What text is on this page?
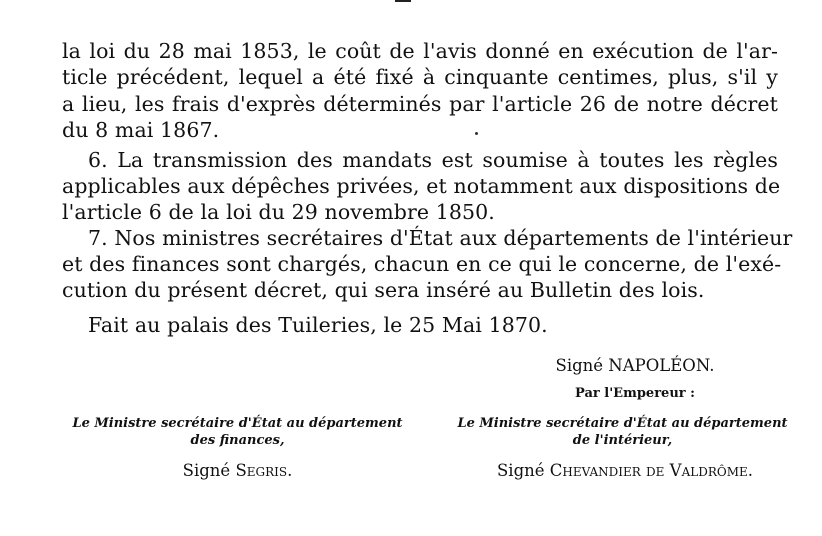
la loi du 28 mai 1853, le coût de l'avis donné en exécution de l'ar-
ticle précédent, lequel a été fixé à cinquante centimes, plus, s'il y
a lieu, les frais d'exprès déterminés par l'article 26 de notre décret
du 8 mai 1867.
6. La transmission des mandats est soumise à toutes les règles
applicables aux dépêches privées, et notamment aux dispositions de
l'article 6 de la loi du 29 novembre 1850.
7. Nos ministres secrétaires d'État aux départements de l'intérieur
et des finances sont chargés, chacun en ce qui le concerne, de l'exé-
cution du présent décret, qui sera inséré au Bulletin des lois.
Fait au palais des Tuileries, le 25 Mai 1870.
Signé NAPOLÉON.
Par l'Empereur :
Le Ministre secrétaire d'État au département
des finances,
Le Ministre secrétaire d'État au département
de l'intérieur,
Signé Segris.	Signé Chevandier de Valdrôme.
